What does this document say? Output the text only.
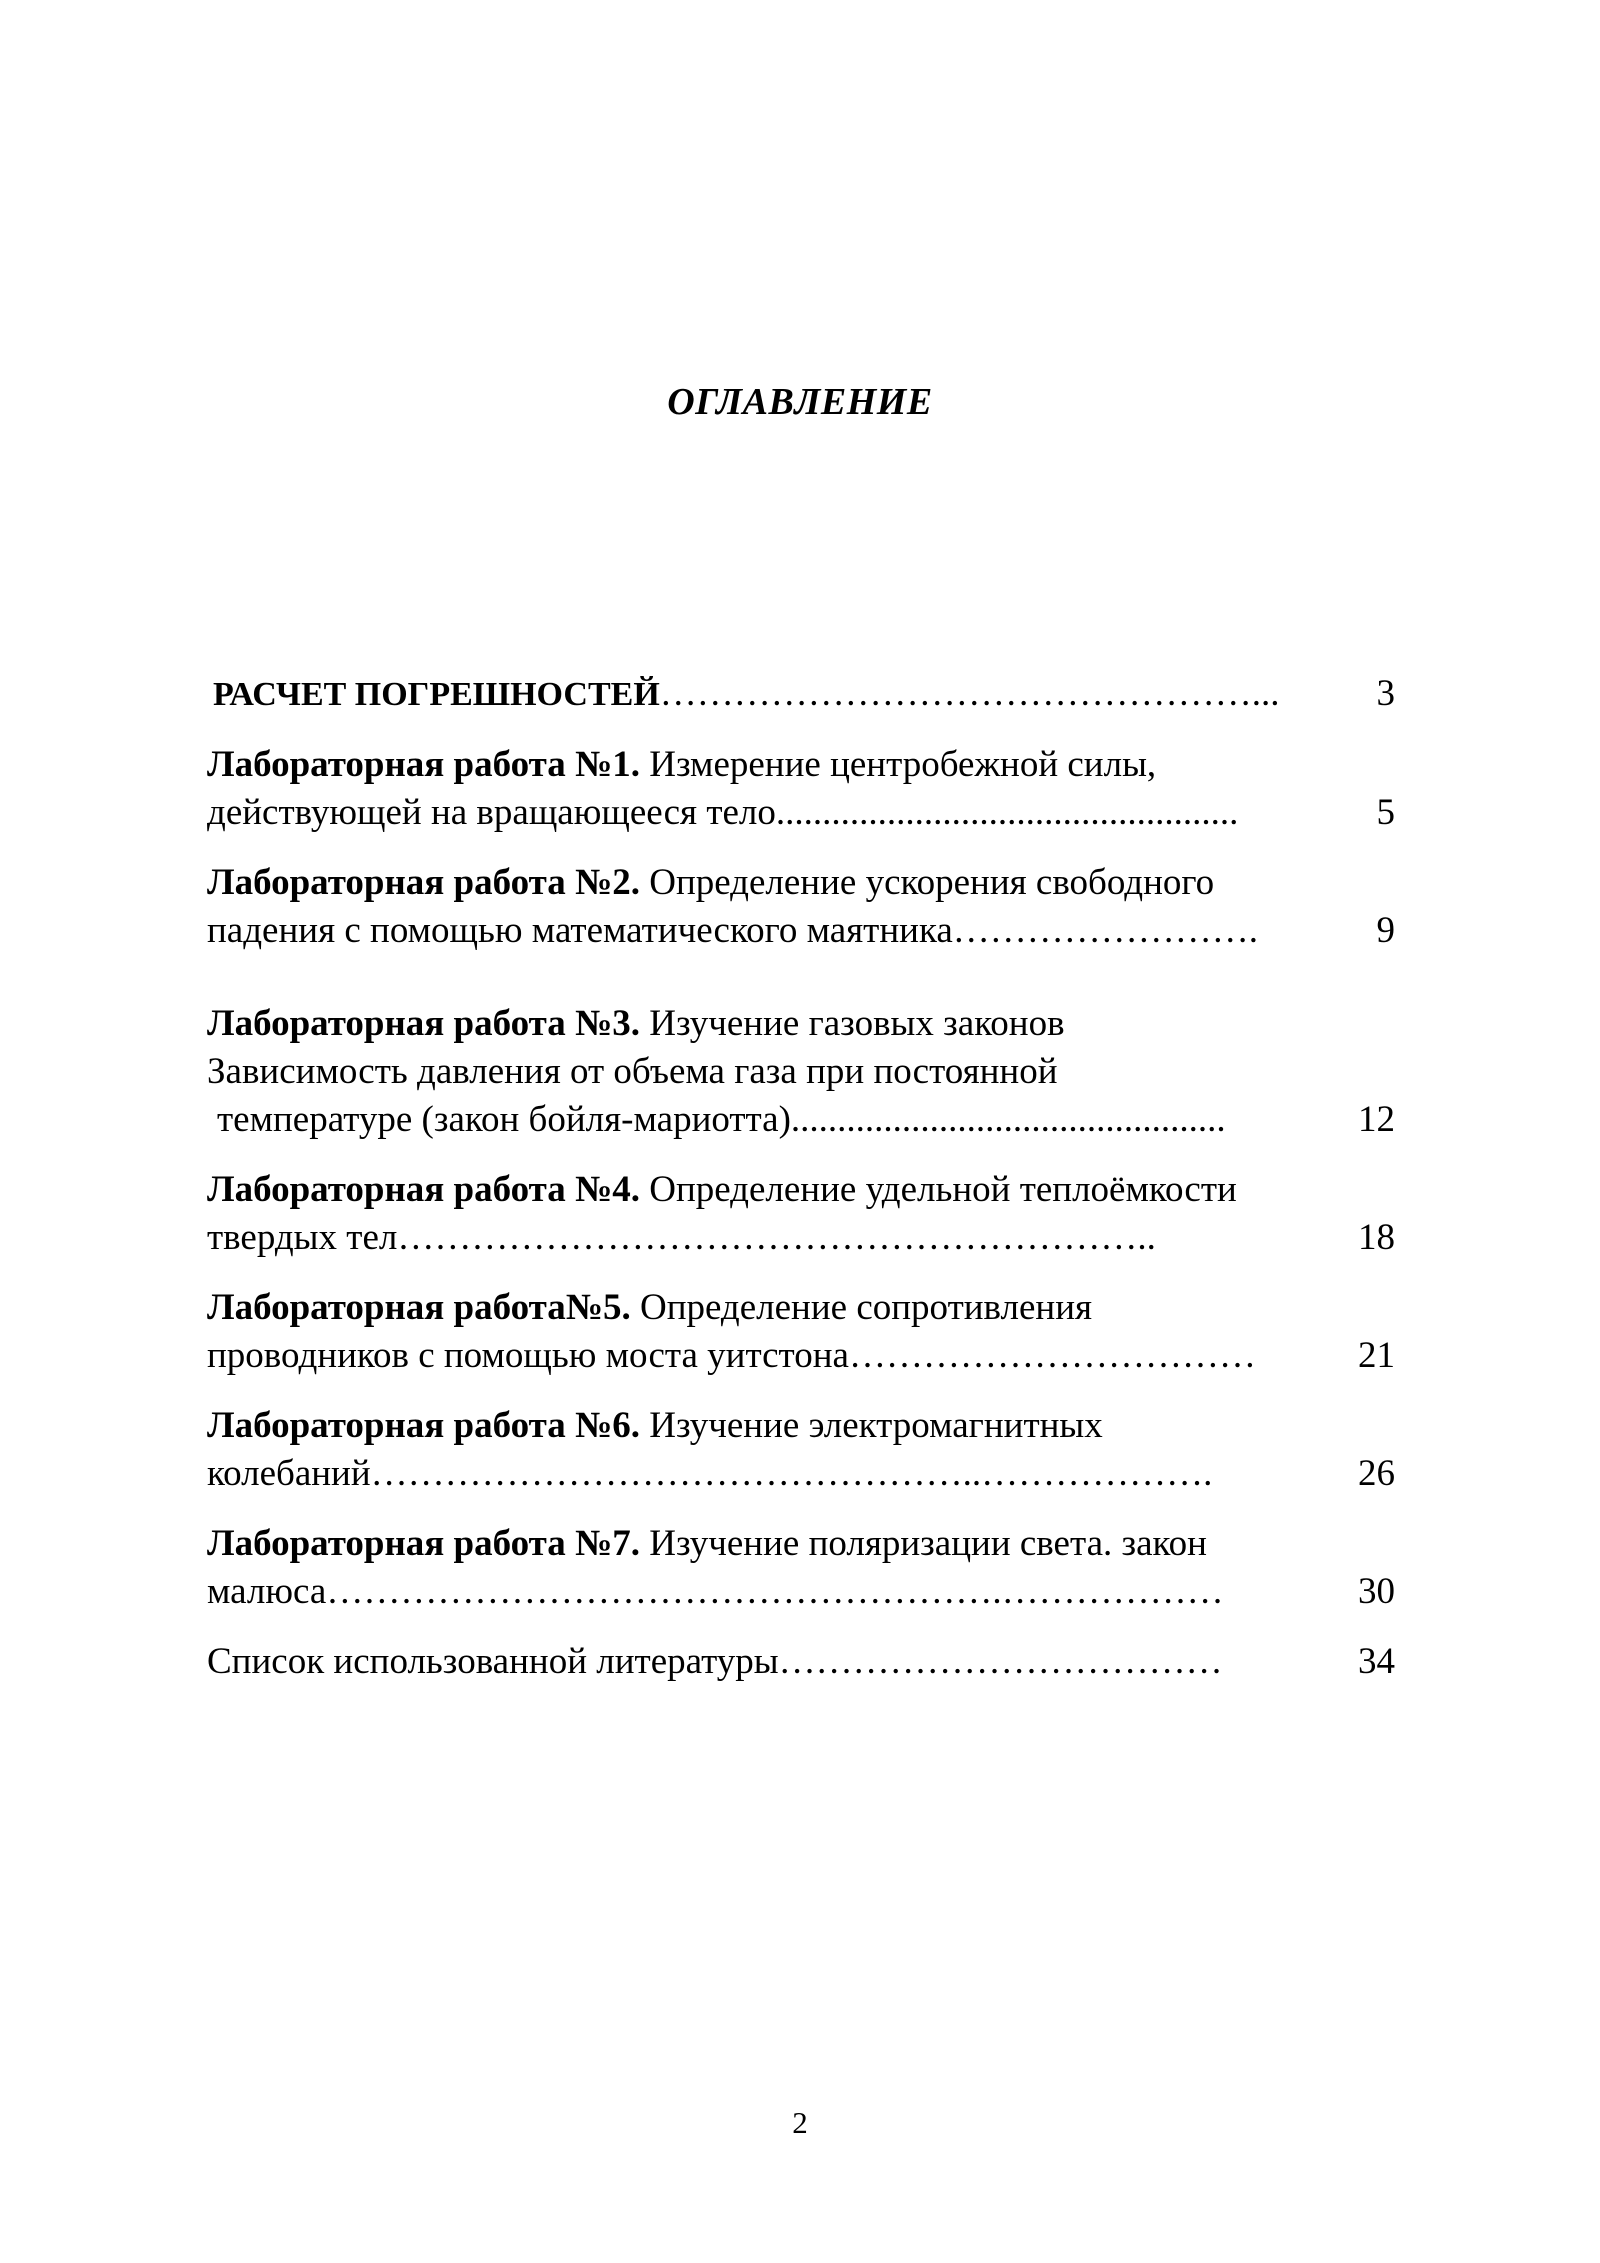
ОГЛАВЛЕНИЕ
РАСЧЕТ ПОГРЕШНОСТЕЙ …………………………………………...	3
Лабораторная работа №1. Измерение центробежной силы,
действующей на вращающееся тело ..................................................	5
Лабораторная работа №2. Определение ускорения свободного
падения с помощью математического маятника …………………….	9
Лабораторная работа №3. Изучение газовых законов
Зависимость давления от объема газа при постоянной
температуре (закон бойля-мариотта) ...............................................	12
Лабораторная работа №4. Определение удельной теплоёмкости
твердых тел ……………………………………………………..	18
Лабораторная работа№5. Определение сопротивления
проводников с помощью моста уитстона ……………………………	21
Лабораторная работа №6. Изучение электромагнитных
колебаний …………………………………………..……………….	26
Лабораторная работа №7. Изучение поляризации света. закон
малюса ……………………………………………….………………	30
Список использованной литературы ………………………………	34
2
